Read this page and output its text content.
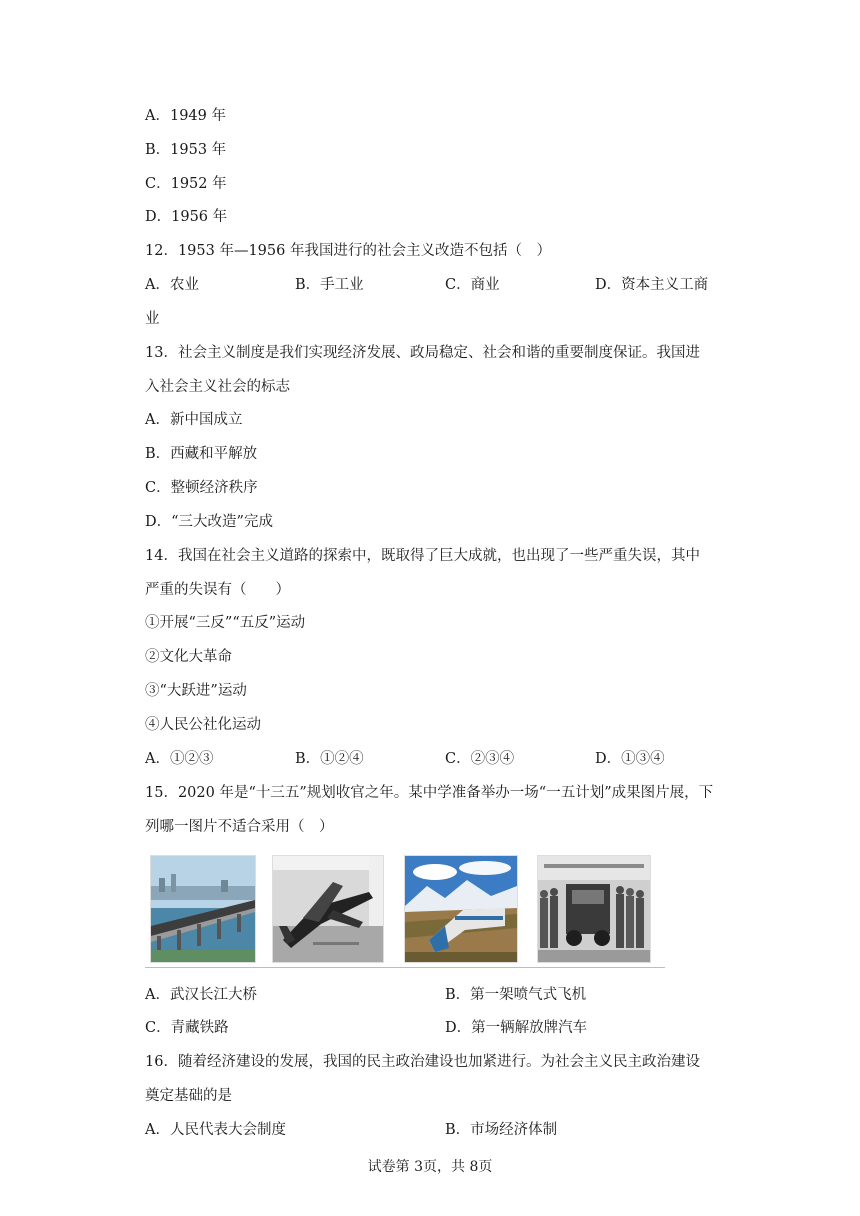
A．1949 年
B．1953 年
C．1952 年
D．1956 年
12．1953 年—1956 年我国进行的社会主义改造不包括（　）
A．农业	B．手工业	C．商业	D．资本主义工商
业
13．社会主义制度是我们实现经济发展、政局稳定、社会和谐的重要制度保证。我国进
入社会主义社会的标志
A．新中国成立
B．西藏和平解放
C．整顿经济秩序
D．“三大改造”完成
14．我国在社会主义道路的探索中，既取得了巨大成就，也出现了一些严重失误，其中
严重的失误有（　　）
①开展“三反”“五反”运动
②文化大革命
③“大跃进”运动
④人民公社化运动
A．①②③	B．①②④	C．②③④	D．①③④
15．2020 年是“十三五”规划收官之年。某中学准备举办一场“一五计划”成果图片展，下
列哪一图片不适合采用（　）
A．武汉长江大桥	B．第一架喷气式飞机
C．青藏铁路	D．第一辆解放牌汽车
16．随着经济建设的发展，我国的民主政治建设也加紧进行。为社会主义民主政治建设
奠定基础的是
A．人民代表大会制度	B．市场经济体制
试卷第 3页，共 8页
